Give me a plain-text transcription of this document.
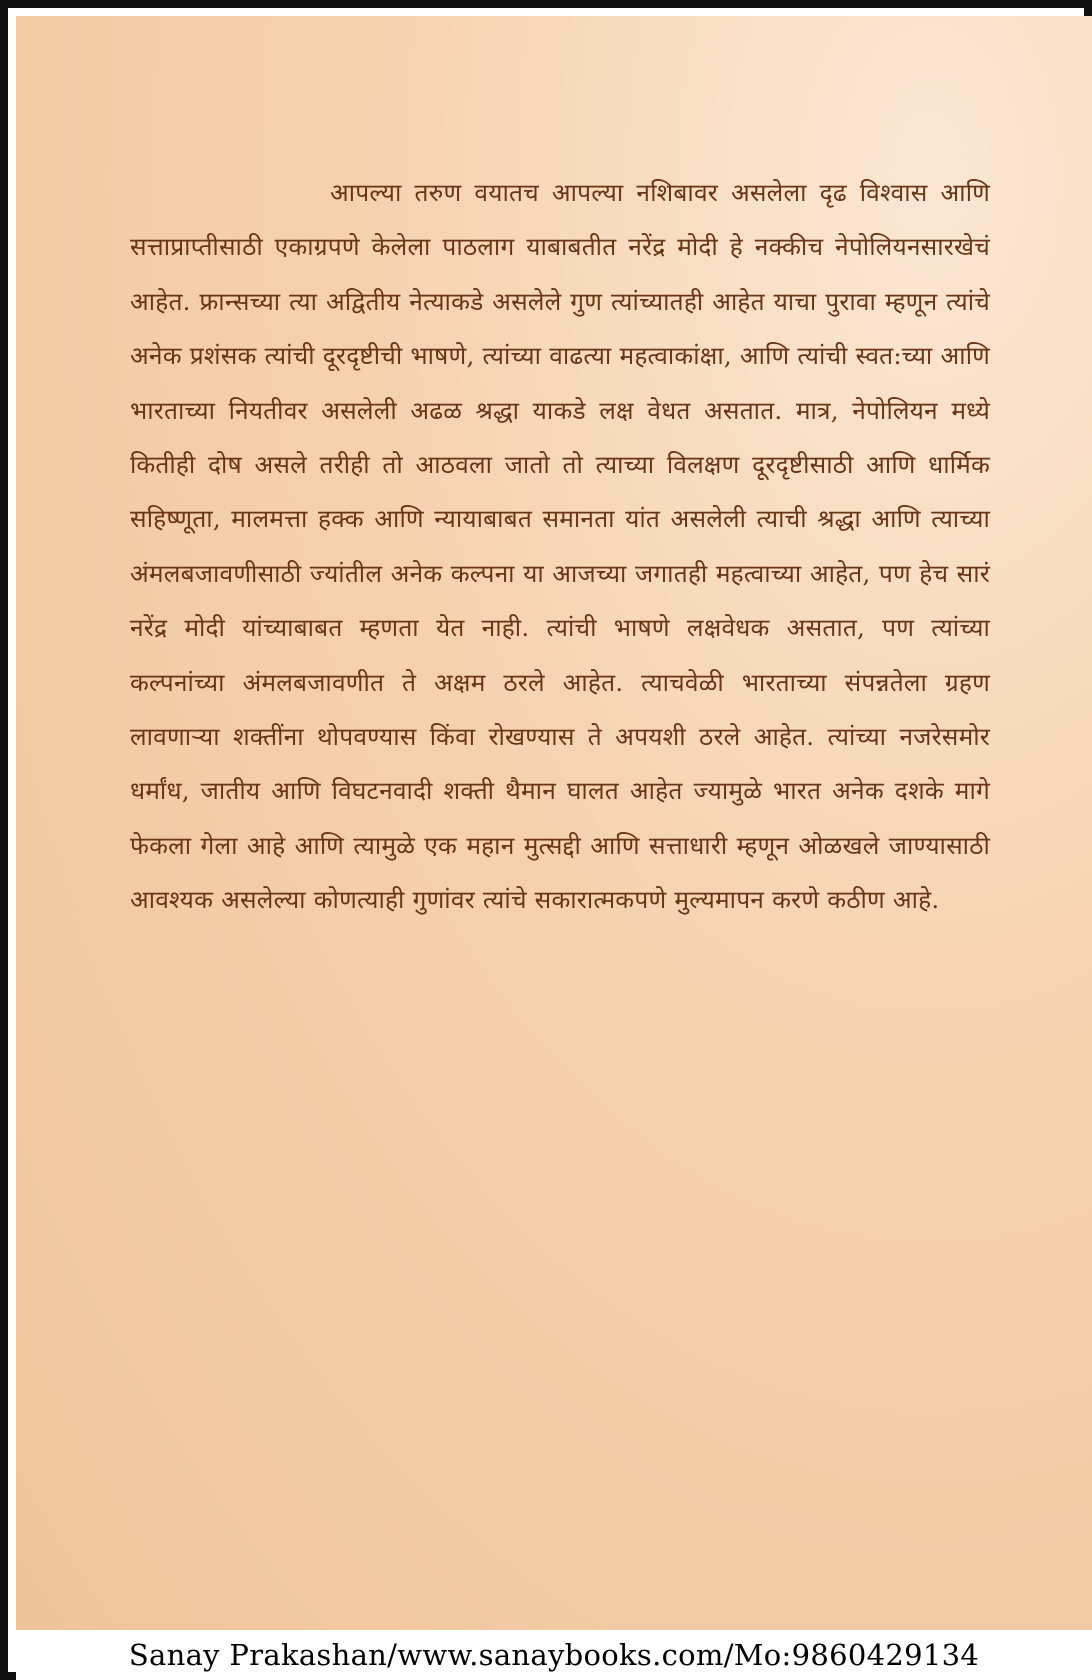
आपल्या तरुण वयातच आपल्या नशिबावर असलेला दृढ विश्वास आणि सत्ताप्राप्तीसाठी एकाग्रपणे केलेला पाठलाग याबाबतीत नरेंद्र मोदी हे नक्कीच नेपोलियनसारखेचं आहेत. फ्रान्सच्या त्या अद्वितीय नेत्याकडे असलेले गुण त्यांच्यातही आहेत याचा पुरावा म्हणून त्यांचे अनेक प्रशंसक त्यांची दूरदृष्टीची भाषणे, त्यांच्या वाढत्या महत्वाकांक्षा, आणि त्यांची स्वत:च्या आणि भारताच्या नियतीवर असलेली अढळ श्रद्धा याकडे लक्ष वेधत असतात. मात्र, नेपोलियन मध्ये कितीही दोष असले तरीही तो आठवला जातो तो त्याच्या विलक्षण दूरदृष्टीसाठी आणि धार्मिक सहिष्णूता, मालमत्ता हक्क आणि न्यायाबाबत समानता यांत असलेली त्याची श्रद्धा आणि त्याच्या अंमलबजावणीसाठी ज्यांतील अनेक कल्पना या आजच्या जगातही महत्वाच्या आहेत, पण हेच सारं नरेंद्र मोदी यांच्याबाबत म्हणता येत नाही. त्यांची भाषणे लक्षवेधक असतात, पण त्यांच्या कल्पनांच्या अंमलबजावणीत ते अक्षम ठरले आहेत. त्याचवेळी भारताच्या संपन्नतेला ग्रहण लावणाऱ्या शक्तींना थोपवण्यास किंवा रोखण्यास ते अपयशी ठरले आहेत. त्यांच्या नजरेसमोर धर्मांध, जातीय आणि विघटनवादी शक्ती थैमान घालत आहेत ज्यामुळे भारत अनेक दशके मागे फेकला गेला आहे आणि त्यामुळे एक महान मुत्सद्दी आणि सत्ताधारी म्हणून ओळखले जाण्यासाठी आवश्यक असलेल्या कोणत्याही गुणांवर त्यांचे सकारात्मकपणे मुल्यमापन करणे कठीण आहे.

Sanay Prakashan/www.sanaybooks.com/Mo:9860429134
